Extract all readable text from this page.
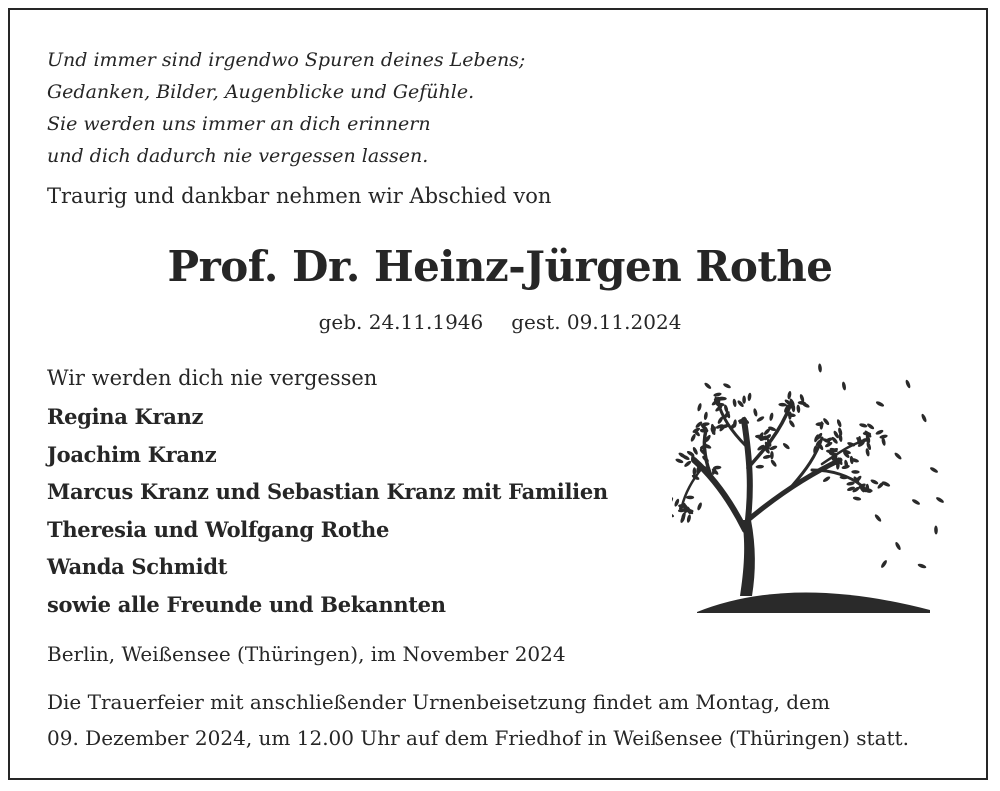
Und immer sind irgendwo Spuren deines Lebens;
Gedanken, Bilder, Augenblicke und Gefühle.
Sie werden uns immer an dich erinnern
und dich dadurch nie vergessen lassen.

Traurig und dankbar nehmen wir Abschied von

Prof. Dr. Heinz-Jürgen Rothe
geb. 24.11.1946 gest. 09.11.2024
Wir werden dich nie vergessen
Regina Kranz
Joachim Kranz
Marcus Kranz und Sebastian Kranz mit Familien
Theresia und Wolfgang Rothe
Wanda Schmidt
sowie alle Freunde und Bekannten
Berlin, Weißensee (Thüringen), im November 2024
Die Trauerfeier mit anschließender Urnenbeisetzung findet am Montag, dem
09. Dezember 2024, um 12.00 Uhr auf dem Friedhof in Weißensee (Thüringen) statt.
